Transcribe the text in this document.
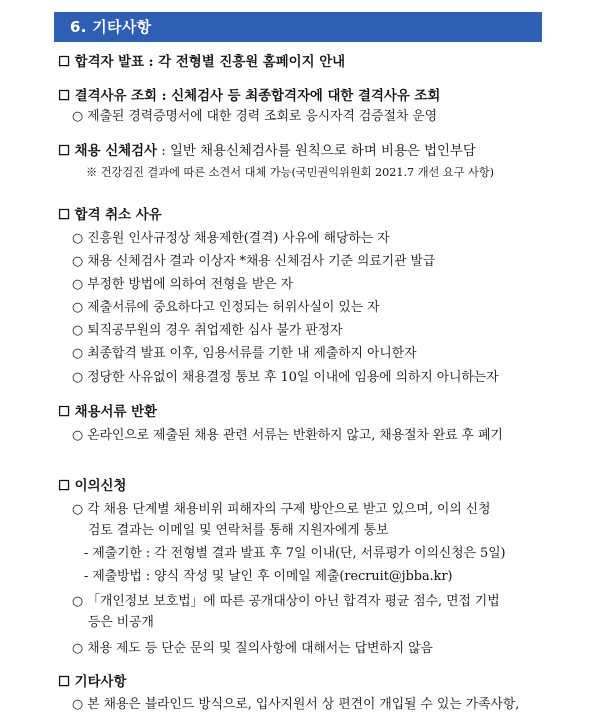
6. 기타사항
☐ 합격자 발표 : 각 전형별 진흥원 홈페이지 안내
☐ 결격사유 조회 : 신체검사 등 최종합격자에 대한 결격사유 조회
○ 제출된 경력증명서에 대한 경력 조회로 응시자격 검증절차 운영
☐ 채용 신체검사 : 일반 채용신체검사를 원칙으로 하며 비용은 법인부담
※ 건강검진 결과에 따른 소견서 대체 가능(국민권익위원회 2021.7 개선 요구 사항)
☐ 합격 취소 사유
○ 진흥원 인사규정상 채용제한(결격) 사유에 해당하는 자
○ 채용 신체검사 결과 이상자 *채용 신체검사 기준 의료기관 발급
○ 부정한 방법에 의하여 전형을 받은 자
○ 제출서류에 중요하다고 인정되는 허위사실이 있는 자
○ 퇴직공무원의 경우 취업제한 심사 불가 판정자
○ 최종합격 발표 이후, 임용서류를 기한 내 제출하지 아니한자
○ 정당한 사유없이 채용결정 통보 후 10일 이내에 임용에 의하지 아니하는자
☐ 채용서류 반환
○ 온라인으로 제출된 채용 관련 서류는 반환하지 않고, 채용절차 완료 후 폐기
☐ 이의신청
○ 각 채용 단계별 채용비위 피해자의 구제 방안으로 받고 있으며, 이의 신청
검토 결과는 이메일 및 연락처를 통해 지원자에게 통보
- 제출기한 : 각 전형별 결과 발표 후 7일 이내(단, 서류평가 이의신청은 5일)
- 제출방법 : 양식 작성 및 날인 후 이메일 제출(recruit@jbba.kr)
○ 「개인정보 보호법」에 따른 공개대상이 아닌 합격자 평균 점수, 면접 기법
등은 비공개
○ 채용 제도 등 단순 문의 및 질의사항에 대해서는 답변하지 않음
☐ 기타사항
○ 본 채용은 블라인드 방식으로, 입사지원서 상 편견이 개입될 수 있는 가족사항,
